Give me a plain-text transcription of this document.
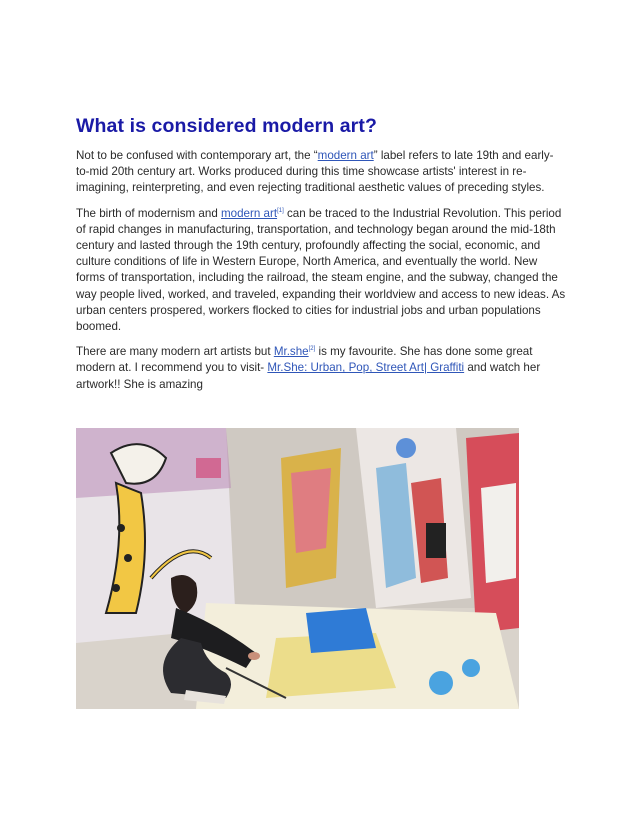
What is considered modern art?

Not to be confused with contemporary art, the “modern art” label refers to late 19th and early-to-mid 20th century art. Works produced during this time showcase artists' interest in re-imagining, reinterpreting, and even rejecting traditional aesthetic values of preceding styles.

The birth of modernism and modern art[1] can be traced to the Industrial Revolution. This period of rapid changes in manufacturing, transportation, and technology began around the mid-18th century and lasted through the 19th century, profoundly affecting the social, economic, and culture conditions of life in Western Europe, North America, and eventually the world. New forms of transportation, including the railroad, the steam engine, and the subway, changed the way people lived, worked, and traveled, expanding their worldview and access to new ideas. As urban centers prospered, workers flocked to cities for industrial jobs and urban populations boomed.

There are many modern art artists but Mr.she[2] is my favourite. She has done some great modern at. I recommend you to visit- Mr.She: Urban, Pop, Street Art| Graffiti and watch her artwork!! She is amazing
